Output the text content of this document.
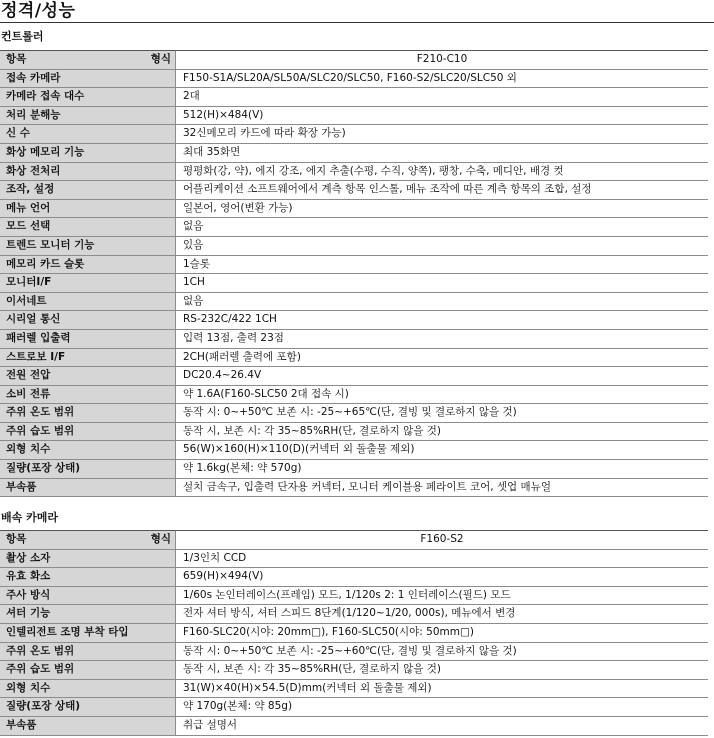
정격/성능
컨트롤러
항목	형식	F210-C10
접속 카메라	F150-S1A/SL20A/SL50A/SLC20/SLC50, F160-S2/SLC20/SLC50 외
카메라 접속 대수	2대
처리 분해능	512(H)×484(V)
신 수	32신메모리 카드에 따라 확장 가능)
화상 메모리 기능	최대 35화면
화상 전처리	평평화(강, 약), 에지 강조, 에지 추출(수평, 수직, 양쪽), 팽창, 수축, 메디안, 배경 컷
조작, 설정	어플리케이션 소프트웨어에서 계측 항목 인스톨, 메뉴 조작에 따른 계측 항목의 조합, 설정
메뉴 언어	일본어, 영어(변환 가능)
모드 선택	없음
트렌드 모니터 기능	있음
메모리 카드 슬롯	1슬롯
모니터I/F	1CH
이서네트	없음
시리얼 통신	RS-232C/422 1CH
패러렐 입출력	입력 13점, 출력 23점
스트로보 I/F	2CH(패러렐 출력에 포함)
전원 전압	DC20.4~26.4V
소비 전류	약 1.6A(F160-SLC50 2대 접속 시)
주위 온도 범위	동작 시: 0~+50℃ 보존 시: -25~+65℃(단, 결빙 및 결로하지 않을 것)
주위 습도 범위	동작 시, 보존 시: 각 35~85%RH(단, 결로하지 않을 것)
외형 치수	56(W)×160(H)×110(D)(커넥터 외 돌출물 제외)
질량(포장 상태)	약 1.6kg(본체: 약 570g)
부속품	설치 금속구, 입출력 단자용 커넥터, 모니터 케이블용 페라이트 코어, 셋업 매뉴얼
배속 카메라
항목	형식	F160-S2
촬상 소자	1/3인치 CCD
유효 화소	659(H)×494(V)
주사 방식	1/60s 논인터레이스(프레임) 모드, 1/120s 2: 1 인터레이스(필드) 모드
셔터 기능	전자 셔터 방식, 셔터 스피드 8단계(1/120~1/20, 000s), 메뉴에서 변경
인텔리전트 조명 부착 타입	F160-SLC20(시야: 20mm□), F160-SLC50(시야: 50mm□)
주위 온도 범위	동작 시: 0~+50℃ 보존 시: -25~+60℃(단, 결빙 및 결로하지 않을 것)
주위 습도 범위	동작 시, 보존 시: 각 35~85%RH(단, 결로하지 않을 것)
외형 치수	31(W)×40(H)×54.5(D)mm(커넥터 외 돌출물 제외)
질량(포장 상태)	약 170g(본체: 약 85g)
부속품	취급 설명서
